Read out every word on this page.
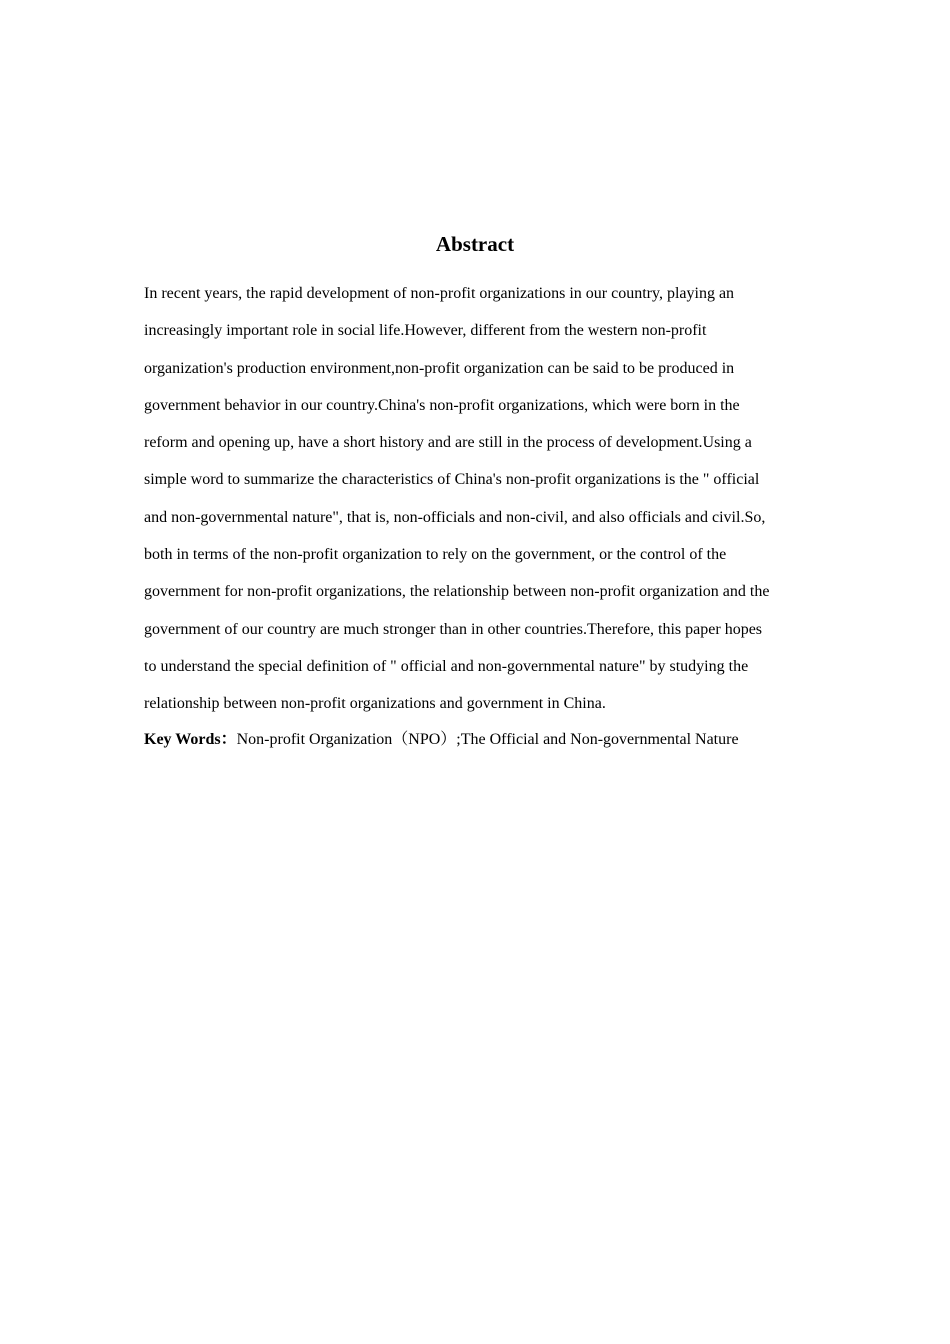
Abstract
In recent years, the rapid development of non-profit organizations in our country, playing an
increasingly important role in social life.However, different from the western non-profit
organization's production environment,non-profit organization can be said to be produced in
government behavior in our country.China's non-profit organizations, which were born in the
reform and opening up, have a short history and are still in the process of development.Using a
simple word to summarize the characteristics of China's non-profit organizations is the " official
and non-governmental nature", that is, non-officials and non-civil, and also officials and civil.So,
both in terms of the non-profit organization to rely on the government, or the control of the
government for non-profit organizations, the relationship between non-profit organization and the
government of our country are much stronger than in other countries.Therefore, this paper hopes
to understand the special definition of " official and non-governmental nature" by studying the
relationship between non-profit organizations and government in China.

Key Words：Non-profit Organization（NPO）;The Official and Non-governmental Nature
